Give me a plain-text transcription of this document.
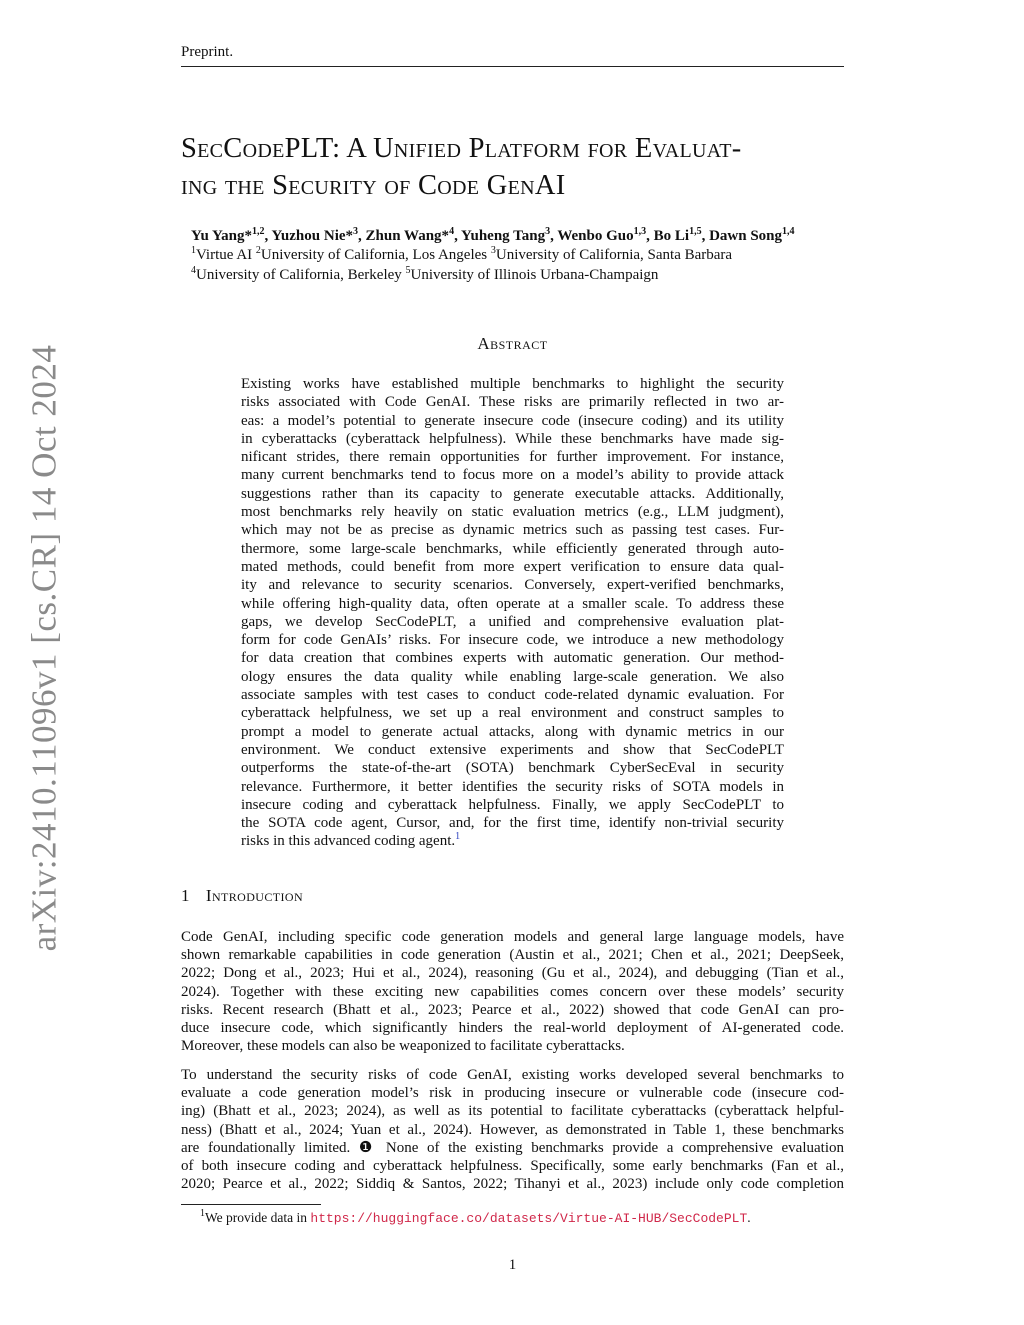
Preprint.
arXiv:2410.11096v1 [cs.CR] 14 Oct 2024
SecCodePLT: A Unified Platform for Evaluat-
ing the Security of Code GenAI
Yu Yang*$^{1,2}$, Yuzhou Nie*$^3$, Zhun Wang*$^4$, Yuheng Tang$^3$, Wenbo Guo$^{1,3}$, Bo Li$^{1,5}$, Dawn Song$^{1,4}$
$^1$Virtue AI $^2$University of California, Los Angeles $^3$University of California, Santa Barbara
$^4$University of California, Berkeley $^5$University of Illinois Urbana-Champaign
Abstract
Existing works have established multiple benchmarks to highlight the security
risks associated with Code GenAI. These risks are primarily reflected in two ar-
eas: a model’s potential to generate insecure code (insecure coding) and its utility
in cyberattacks (cyberattack helpfulness). While these benchmarks have made sig-
nificant strides, there remain opportunities for further improvement. For instance,
many current benchmarks tend to focus more on a model’s ability to provide attack
suggestions rather than its capacity to generate executable attacks. Additionally,
most benchmarks rely heavily on static evaluation metrics (e.g., LLM judgment),
which may not be as precise as dynamic metrics such as passing test cases. Fur-
thermore, some large-scale benchmarks, while efficiently generated through auto-
mated methods, could benefit from more expert verification to ensure data qual-
ity and relevance to security scenarios. Conversely, expert-verified benchmarks,
while offering high-quality data, often operate at a smaller scale. To address these
gaps, we develop SecCodePLT, a unified and comprehensive evaluation plat-
form for code GenAIs’ risks. For insecure code, we introduce a new methodology
for data creation that combines experts with automatic generation. Our method-
ology ensures the data quality while enabling large-scale generation. We also
associate samples with test cases to conduct code-related dynamic evaluation. For
cyberattack helpfulness, we set up a real environment and construct samples to
prompt a model to generate actual attacks, along with dynamic metrics in our
environment. We conduct extensive experiments and show that SecCodePLT
outperforms the state-of-the-art (SOTA) benchmark CyberSecEval in security
relevance. Furthermore, it better identifies the security risks of SOTA models in
insecure coding and cyberattack helpfulness. Finally, we apply SecCodePLT to
the SOTA code agent, Cursor, and, for the first time, identify non-trivial security
risks in this advanced coding agent.$^1$
1 Introduction
Code GenAI, including specific code generation models and general large language models, have
shown remarkable capabilities in code generation (Austin et al., 2021; Chen et al., 2021; DeepSeek,
2022; Dong et al., 2023; Hui et al., 2024), reasoning (Gu et al., 2024), and debugging (Tian et al.,
2024). Together with these exciting new capabilities comes concern over these models’ security
risks. Recent research (Bhatt et al., 2023; Pearce et al., 2022) showed that code GenAI can pro-
duce insecure code, which significantly hinders the real-world deployment of AI-generated code.
Moreover, these models can also be weaponized to facilitate cyberattacks.
To understand the security risks of code GenAI, existing works developed several benchmarks to
evaluate a code generation model’s risk in producing insecure or vulnerable code (insecure cod-
ing) (Bhatt et al., 2023; 2024), as well as its potential to facilitate cyberattacks (cyberattack helpful-
ness) (Bhatt et al., 2024; Yuan et al., 2024). However, as demonstrated in Table 1, these benchmarks
are foundationally limited. ❶ None of the existing benchmarks provide a comprehensive evaluation
of both insecure coding and cyberattack helpfulness. Specifically, some early benchmarks (Fan et al.,
2020; Pearce et al., 2022; Siddiq & Santos, 2022; Tihanyi et al., 2023) include only code completion
$^1$We provide data in https://huggingface.co/datasets/Virtue-AI-HUB/SecCodePLT.
1
